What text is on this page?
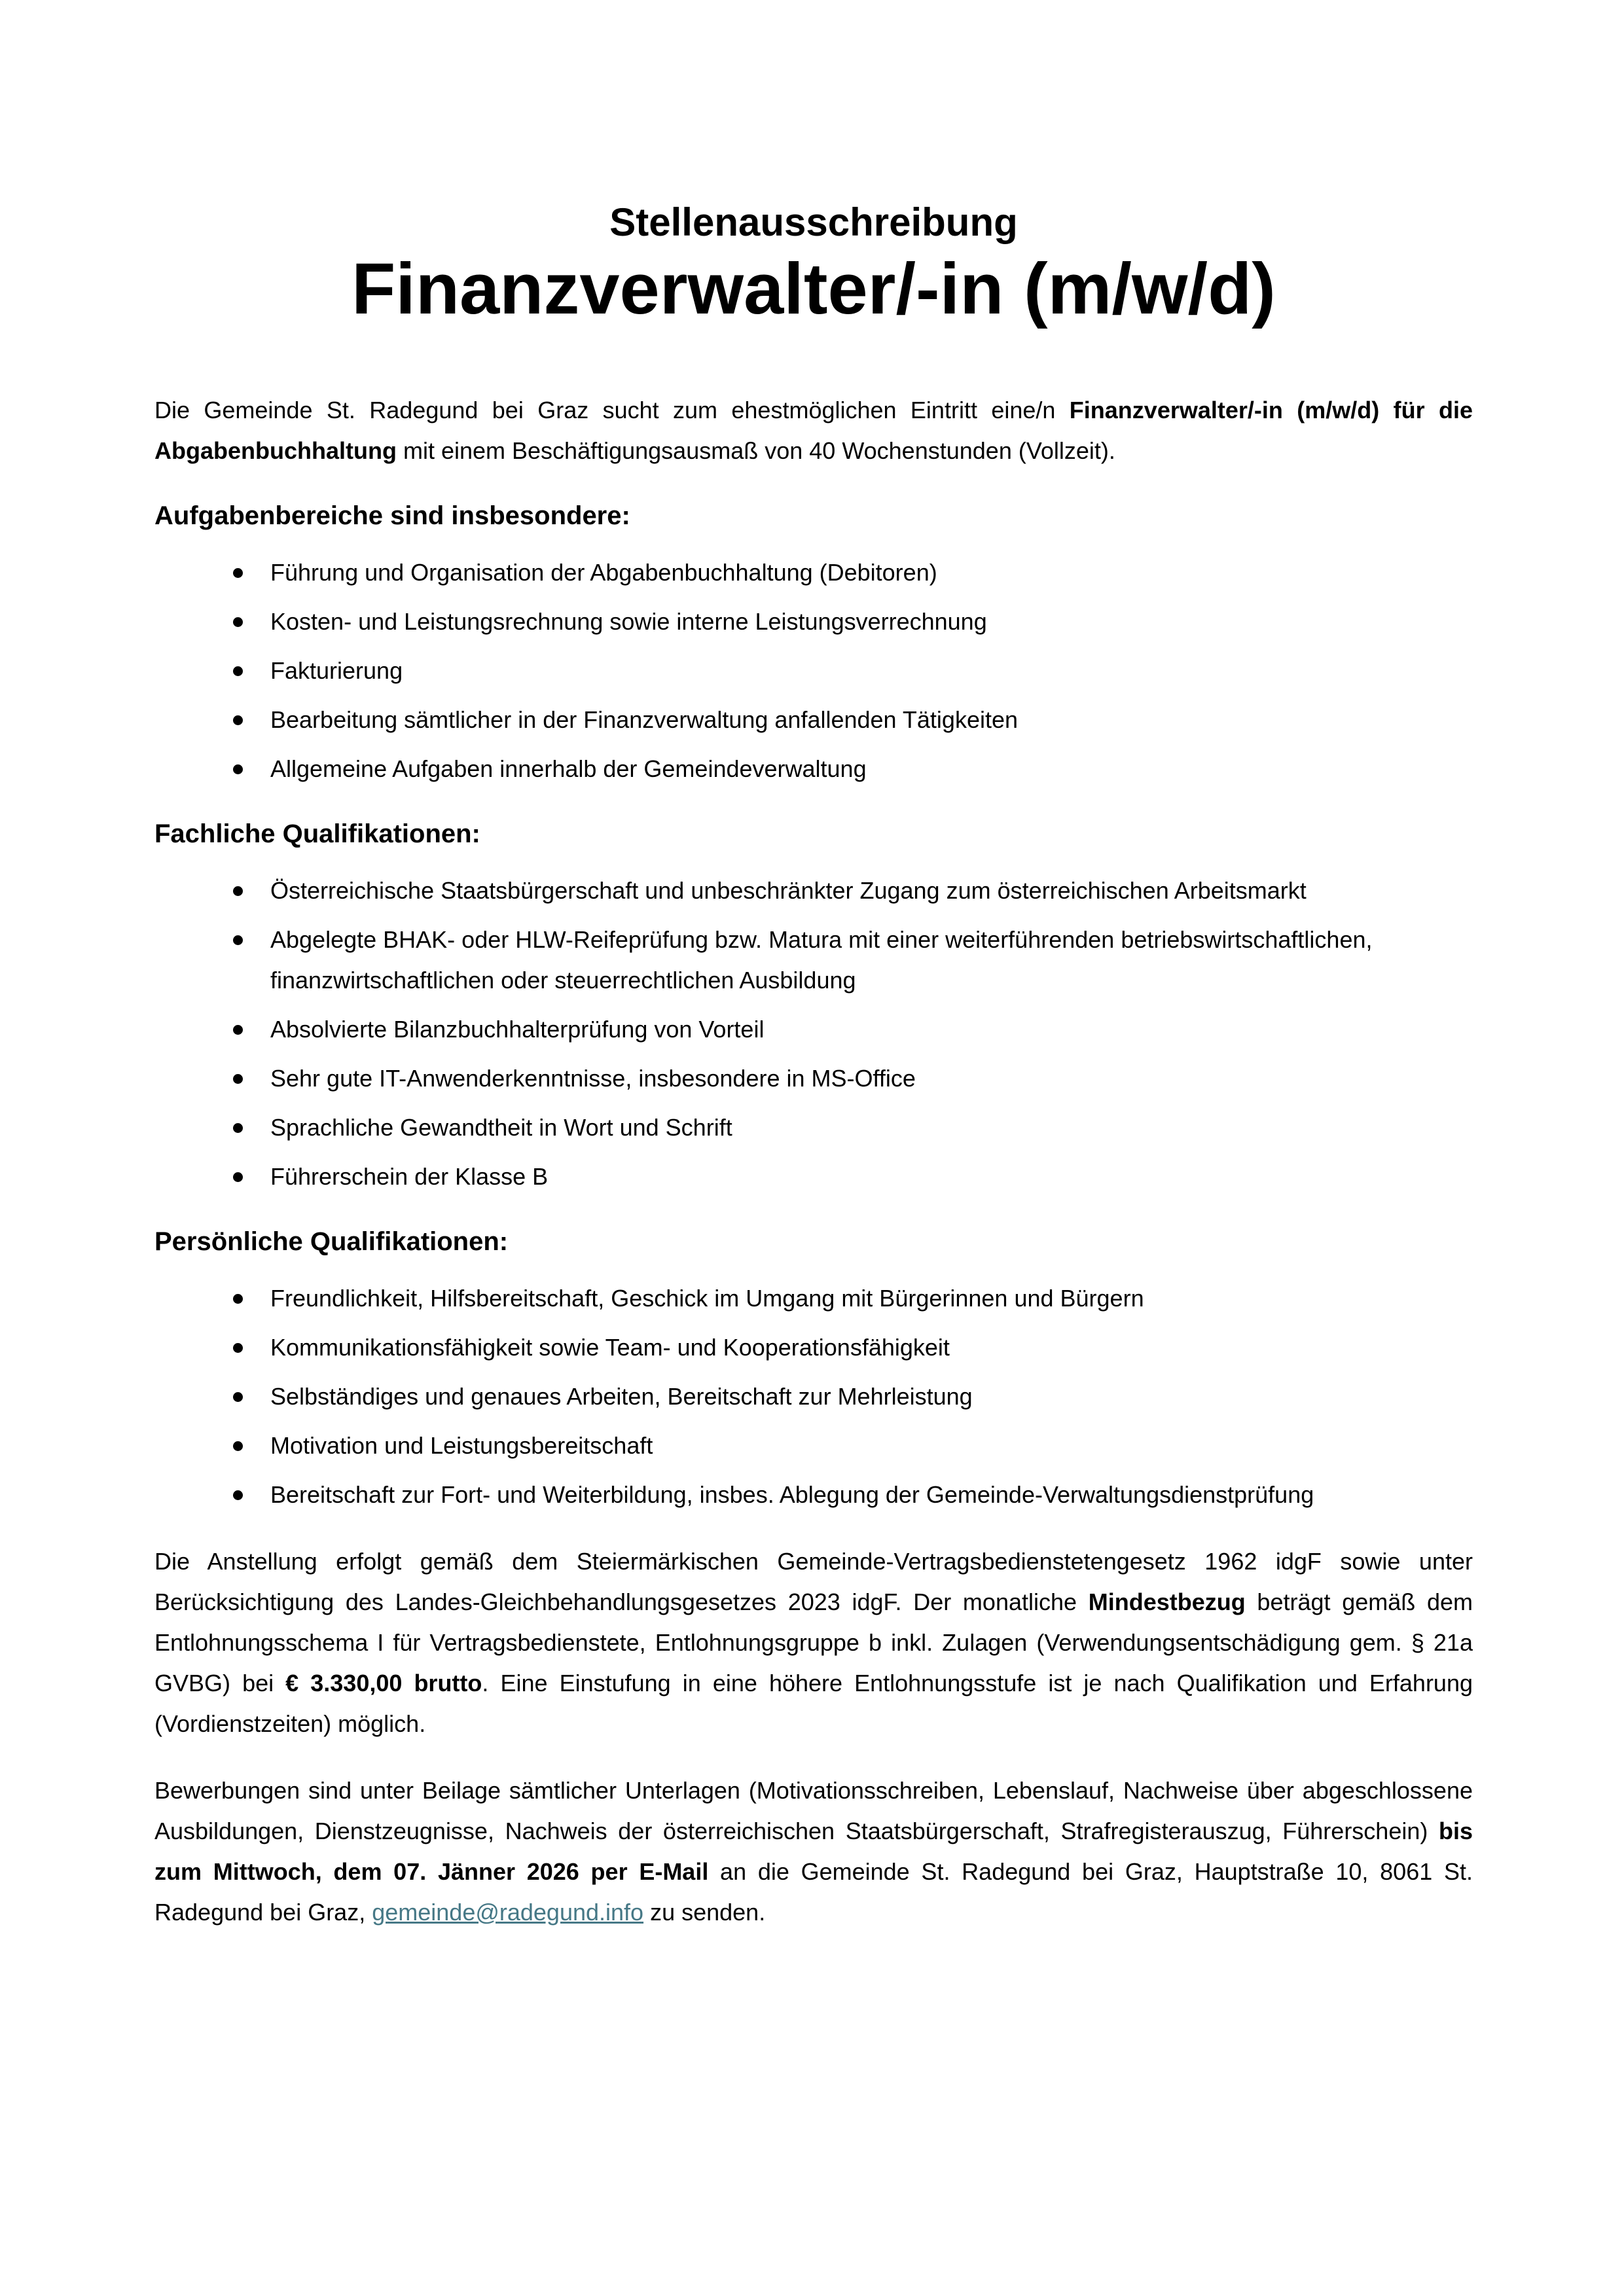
Stellenausschreibung
Finanzverwalter/-in (m/w/d)

Die Gemeinde St. Radegund bei Graz sucht zum ehestmöglichen Eintritt eine/n Finanzverwalter/-in (m/w/d) für die Abgabenbuchhaltung mit einem Beschäftigungsausmaß von 40 Wochenstunden (Vollzeit).

Aufgabenbereiche sind insbesondere:
Führung und Organisation der Abgabenbuchhaltung (Debitoren)
Kosten- und Leistungsrechnung sowie interne Leistungsverrechnung
Fakturierung
Bearbeitung sämtlicher in der Finanzverwaltung anfallenden Tätigkeiten
Allgemeine Aufgaben innerhalb der Gemeindeverwaltung
Fachliche Qualifikationen:
Österreichische Staatsbürgerschaft und unbeschränkter Zugang zum österreichischen Arbeitsmarkt
Abgelegte BHAK- oder HLW-Reifeprüfung bzw. Matura mit einer weiterführenden betriebswirtschaftlichen, finanzwirtschaftlichen oder steuerrechtlichen Ausbildung
Absolvierte Bilanzbuchhalterprüfung von Vorteil
Sehr gute IT-Anwenderkenntnisse, insbesondere in MS-Office
Sprachliche Gewandtheit in Wort und Schrift
Führerschein der Klasse B
Persönliche Qualifikationen:
Freundlichkeit, Hilfsbereitschaft, Geschick im Umgang mit Bürgerinnen und Bürgern
Kommunikationsfähigkeit sowie Team- und Kooperationsfähigkeit
Selbständiges und genaues Arbeiten, Bereitschaft zur Mehrleistung
Motivation und Leistungsbereitschaft
Bereitschaft zur Fort- und Weiterbildung, insbes. Ablegung der Gemeinde-Verwaltungsdienstprüfung

Die Anstellung erfolgt gemäß dem Steiermärkischen Gemeinde-Vertragsbedienstetengesetz 1962 idgF sowie unter Berücksichtigung des Landes-Gleichbehandlungsgesetzes 2023 idgF. Der monatliche Mindestbezug beträgt gemäß dem Entlohnungsschema I für Vertragsbedienstete, Entlohnungsgruppe b inkl. Zulagen (Verwendungsentschädigung gem. § 21a GVBG) bei € 3.330,00 brutto. Eine Einstufung in eine höhere Entlohnungsstufe ist je nach Qualifikation und Erfahrung (Vordienstzeiten) möglich.

Bewerbungen sind unter Beilage sämtlicher Unterlagen (Motivationsschreiben, Lebenslauf, Nachweise über abgeschlossene Ausbildungen, Dienstzeugnisse, Nachweis der österreichischen Staatsbürgerschaft, Strafregisterauszug, Führerschein) bis zum Mittwoch, dem 07. Jänner 2026 per E-Mail an die Gemeinde St. Radegund bei Graz, Hauptstraße 10, 8061 St. Radegund bei Graz, gemeinde@radegund.info zu senden.
